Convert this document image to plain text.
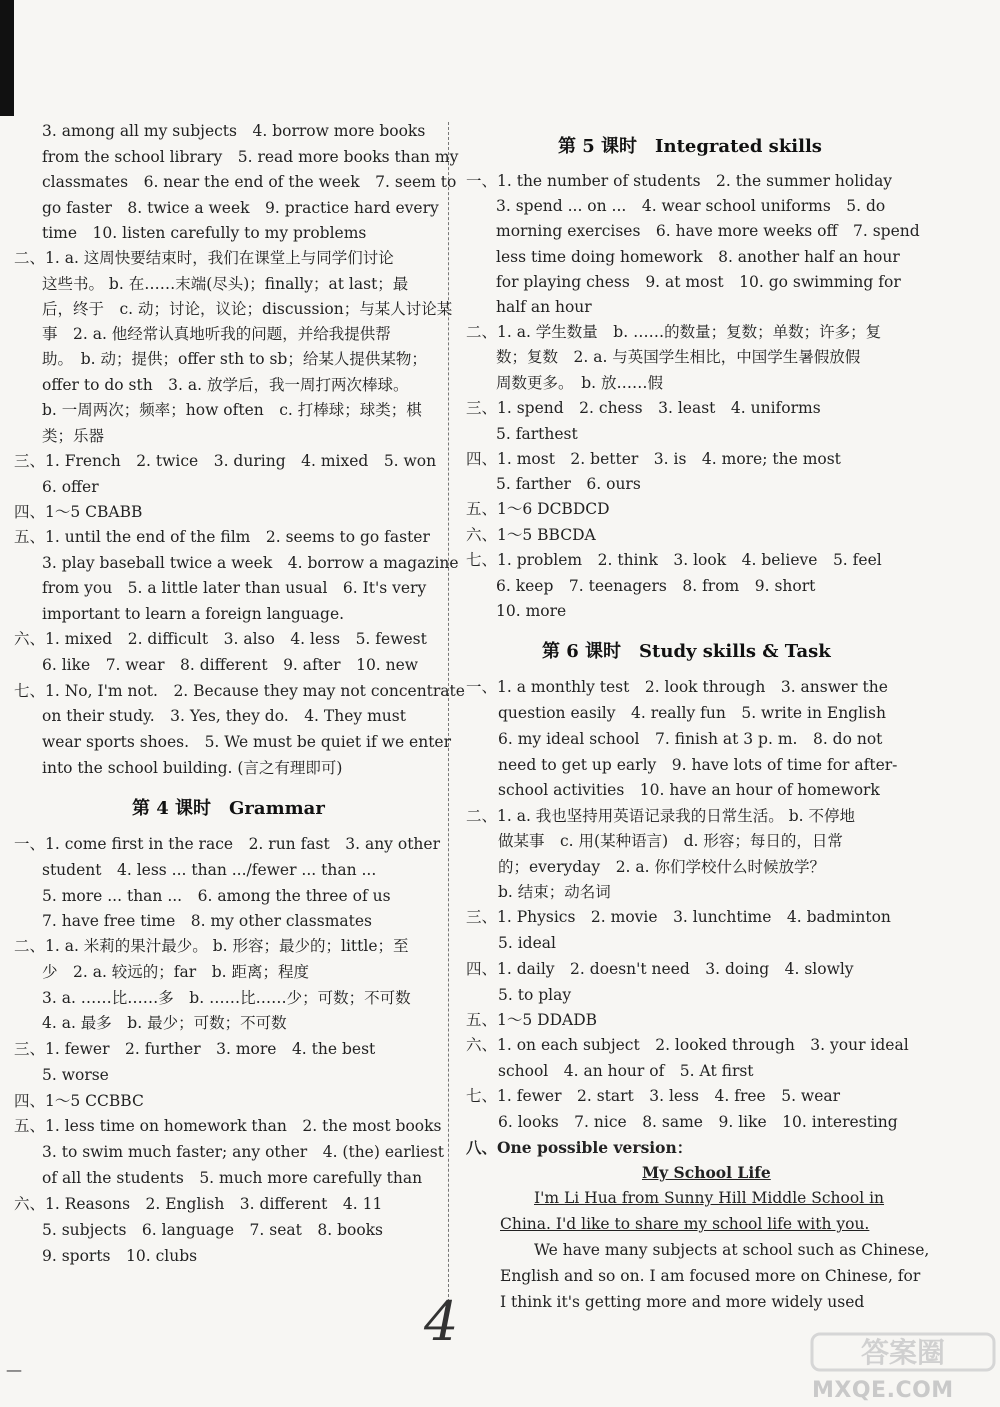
3. among all my subjects　4. borrow more books
from the school library　5. read more books than my
classmates　6. near the end of the week　7. seem to
go faster　8. twice a week　9. practice hard every
time　10. listen carefully to my problems
二、1. a. 这周快要结束时，我们在课堂上与同学们讨论
这些书。 b. 在……末端(尽头)；finally；at last；最
后，终于　c. 动；讨论，议论；discussion；与某人讨论某
事　2. a. 他经常认真地听我的问题，并给我提供帮
助。　b. 动；提供；offer sth to sb；给某人提供某物；
offer to do sth　3. a. 放学后，我一周打两次棒球。
b. 一周两次；频率；how often　c. 打棒球；球类；棋
类；乐器
三、1. French　2. twice　3. during　4. mixed　5. won
6. offer
四、1～5 CBABB
五、1. until the end of the film　2. seems to go faster
3. play baseball twice a week　4. borrow a magazine
from you　5. a little later than usual　6. It's very
important to learn a foreign language.
六、1. mixed　2. difficult　3. also　4. less　5. fewest
6. like　7. wear　8. different　9. after　10. new
七、1. No, I'm not.　2. Because they may not concentrate
on their study.　3. Yes, they do.　4. They must
wear sports shoes.　5. We must be quiet if we enter
into the school building. (言之有理即可)
第 4 课时　Grammar
一、1. come first in the race　2. run fast　3. any other
student　4. less ... than .../fewer ... than ...
5. more ... than ...　6. among the three of us
7. have free time　8. my other classmates
二、1. a. 米莉的果汁最少。 b. 形容；最少的；little；至
少　2. a. 较远的；far　b. 距离；程度
3. a. ……比……多　b. ……比……少；可数；不可数
4. a. 最多　b. 最少；可数；不可数
三、1. fewer　2. further　3. more　4. the best
5. worse
四、1～5 CCBBC
五、1. less time on homework than　2. the most books
3. to swim much faster; any other　4. (the) earliest
of all the students　5. much more carefully than
六、1. Reasons　2. English　3. different　4. 11
5. subjects　6. language　7. seat　8. books
9. sports　10. clubs
第 5 课时　Integrated skills
一、1. the number of students　2. the summer holiday
3. spend ... on ...　4. wear school uniforms　5. do
morning exercises　6. have more weeks off　7. spend
less time doing homework　8. another half an hour
for playing chess　9. at most　10. go swimming for
half an hour
二、1. a. 学生数量　b. ……的数量；复数；单数；许多；复
数；复数　2. a. 与英国学生相比，中国学生暑假放假
周数更多。　b. 放……假
三、1. spend　2. chess　3. least　4. uniforms
5. farthest
四、1. most　2. better　3. is　4. more; the most
5. farther　6. ours
五、1～6 DCBDCD
六、1～5 BBCDA
七、1. problem　2. think　3. look　4. believe　5. feel
6. keep　7. teenagers　8. from　9. short
10. more
第 6 课时　Study skills & Task
一、1. a monthly test　2. look through　3. answer the
question easily　4. really fun　5. write in English
6. my ideal school　7. finish at 3 p. m.　8. do not
need to get up early　9. have lots of time for after-
school activities　10. have an hour of homework
二、1. a. 我也坚持用英语记录我的日常生活。 b. 不停地
做某事　c. 用(某种语言)　d. 形容；每日的，日常
的；everyday　2. a. 你们学校什么时候放学？
b. 结束；动名词
三、1. Physics　2. movie　3. lunchtime　4. badminton
5. ideal
四、1. daily　2. doesn't need　3. doing　4. slowly
5. to play
五、1～5 DDADB
六、1. on each subject　2. looked through　3. your ideal
school　4. an hour of　5. At first
七、1. fewer　2. start　3. less　4. free　5. wear
6. looks　7. nice　8. same　9. like　10. interesting
八、One possible version：
My School Life
I'm Li Hua from Sunny Hill Middle School in
China. I'd like to share my school life with you.
We have many subjects at school such as Chinese,
English and so on. I am focused more on Chinese, for
I think it's getting more and more widely used
4
—
答案圈
MXQE.COM
